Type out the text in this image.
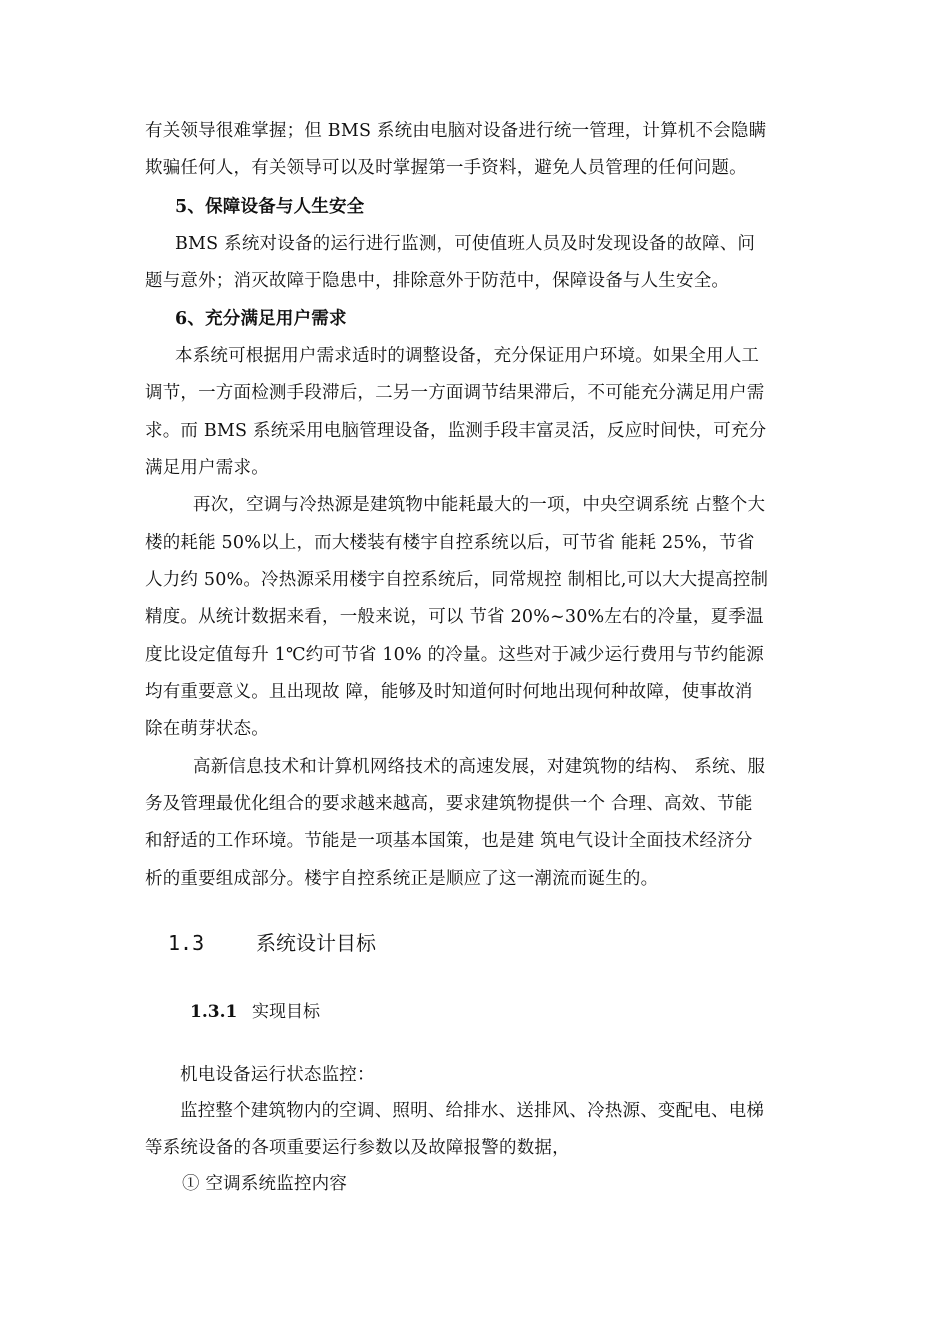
有关领导很难掌握；但 BMS 系统由电脑对设备进行统一管理，计算机不会隐瞒
欺骗任何人，有关领导可以及时掌握第一手资料，避免人员管理的任何问题。
5、保障设备与人生安全
BMS 系统对设备的运行进行监测，可使值班人员及时发现设备的故障、问
题与意外；消灭故障于隐患中，排除意外于防范中，保障设备与人生安全。
6、充分满足用户需求
本系统可根据用户需求适时的调整设备，充分保证用户环境。如果全用人工
调节，一方面检测手段滞后，二另一方面调节结果滞后，不可能充分满足用户需
求。而 BMS 系统采用电脑管理设备，监测手段丰富灵活，反应时间快，可充分
满足用户需求。
再次，空调与冷热源是建筑物中能耗最大的一项，中央空调系统 占整个大
楼的耗能 50%以上，而大楼装有楼宇自控系统以后，可节省 能耗 25%，节省
人力约 50%。冷热源采用楼宇自控系统后，同常规控 制相比,可以大大提高控制
精度。从统计数据来看，一般来说，可以 节省 20%~30%左右的冷量，夏季温
度比设定值每升 1℃约可节省 10% 的冷量。这些对于减少运行费用与节约能源
均有重要意义。且出现故 障，能够及时知道何时何地出现何种故障，使事故消
除在萌芽状态。
高新信息技术和计算机网络技术的高速发展，对建筑物的结构、 系统、服
务及管理最优化组合的要求越来越高，要求建筑物提供一个 合理、高效、节能
和舒适的工作环境。节能是一项基本国策，也是建 筑电气设计全面技术经济分
析的重要组成部分。楼宇自控系统正是顺应了这一潮流而诞生的。
1.3	系统设计目标
1.3.1 实现目标
机电设备运行状态监控：
监控整个建筑物内的空调、照明、给排水、送排风、冷热源、变配电、电梯
等系统设备的各项重要运行参数以及故障报警的数据，
① 空调系统监控内容
